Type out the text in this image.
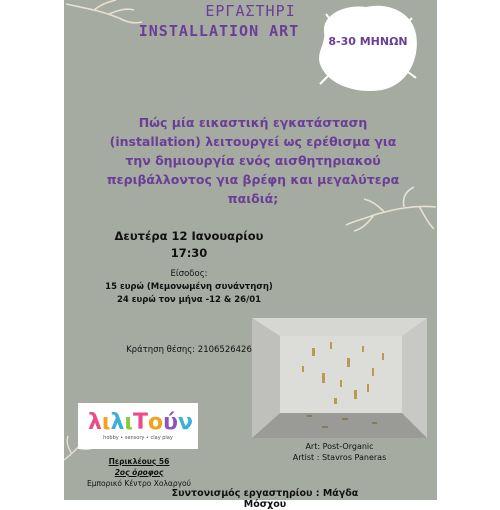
ΕΡΓΑΣΤΗΡΙ
INSTALLATION ART
8-30 ΜΗΝΩΝ
Πώς μία εικαστική εγκατάσταση (installation) λειτουργεί ως ερέθισμα για την δημιουργία ενός αισθητηριακού περιβάλλοντος για βρέφη και μεγαλύτερα παιδιά;
Δευτέρα 12 Ιανουαρίου
17:30
Είσοδος:
15 ευρώ (Μεμονωμένη συνάντηση)
24 ευρώ τον μήνα -12 & 26/01
Κράτηση θέσης: 2106526426
Art: Post-Organic
Artist : Stavros Paneras
λιλιΤούν
hobby • sensory • clay play
Περικλέους 56
2ος όροφος
Εμπορικό Κέντρο Χολαργού
Συντονισμός εργαστηρίου : Μάγδα Μόσχου
